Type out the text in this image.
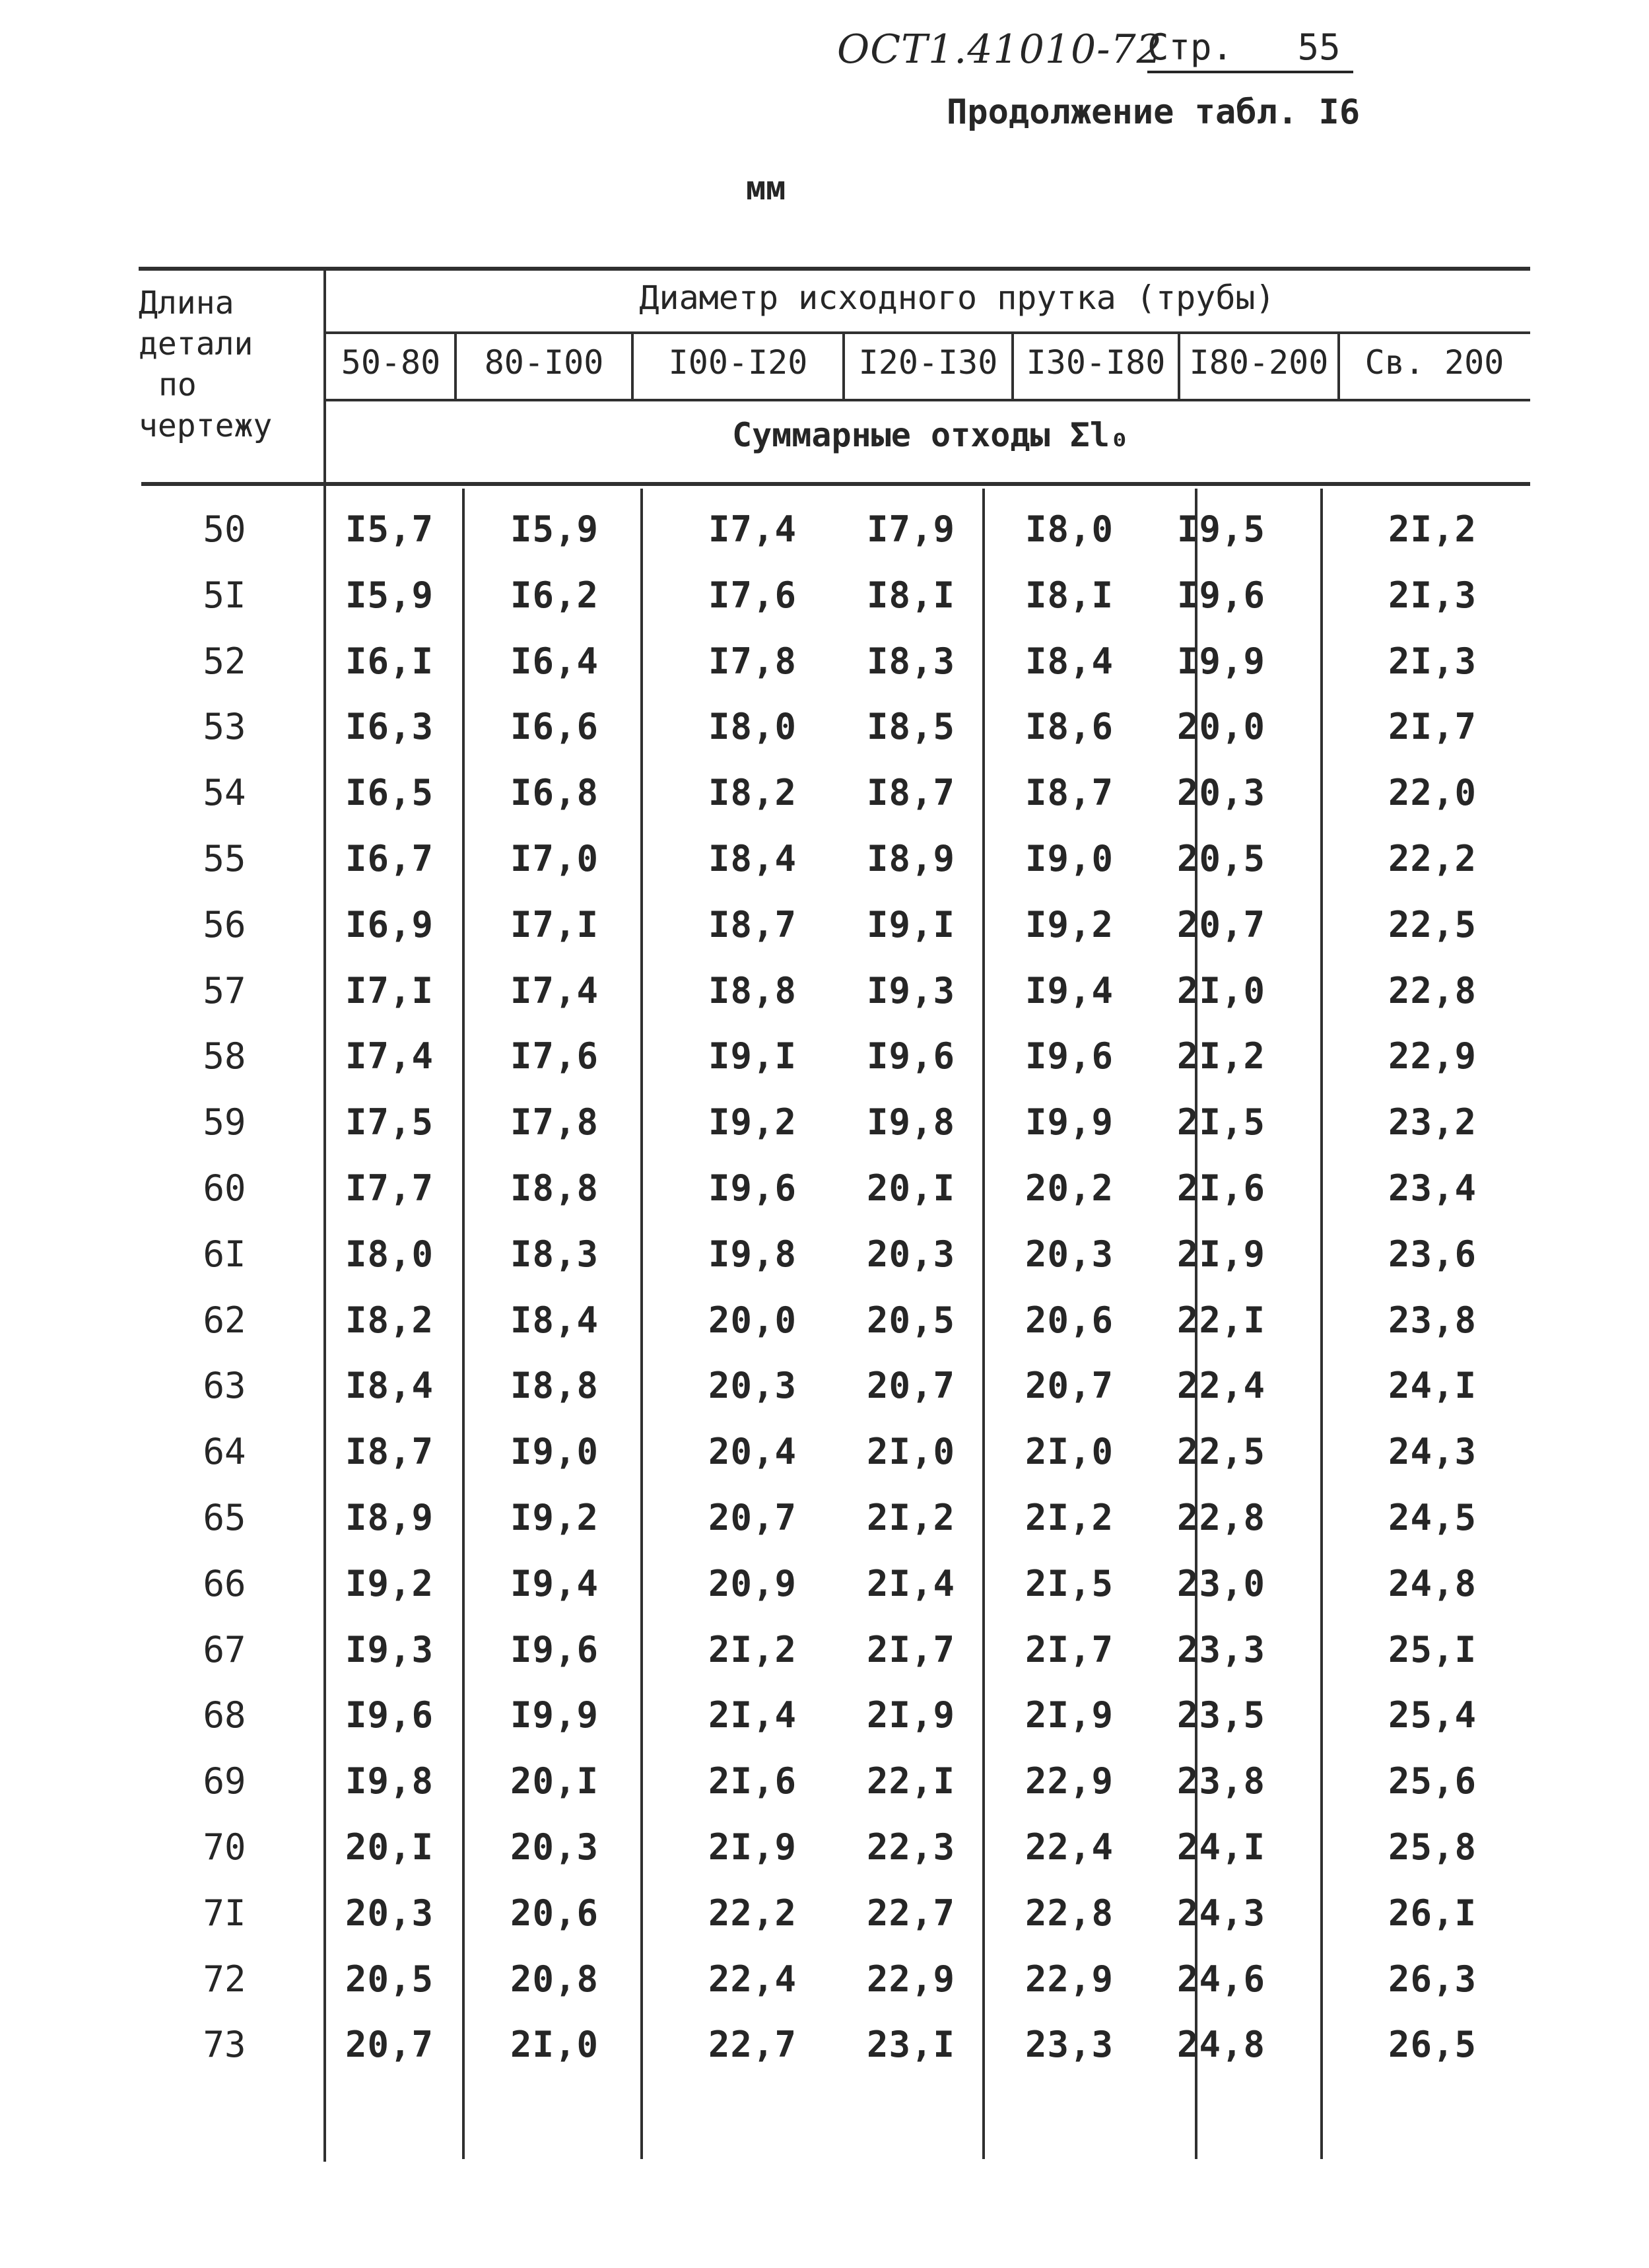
ОСТ1.41010-72
Стр. 55
Продолжение табл. I6
мм
Длина
детали
по
чертежу
Диаметр исходного прутка (трубы)
Суммарные отходы Σl₀
50-80	80-I00	I00-I20	I20-I30 I30-I80 I80-200	Св. 200
50	I5,7	I5,9	I7,4	I7,9	I8,0	I9,5	2I,2
5I	I5,9	I6,2	I7,6	I8,I	I8,I	I9,6	2I,3
52	I6,I	I6,4	I7,8	I8,3	I8,4	I9,9	2I,3
53	I6,3	I6,6	I8,0	I8,5	I8,6	20,0	2I,7
54	I6,5	I6,8	I8,2	I8,7	I8,7	20,3	22,0
55	I6,7	I7,0	I8,4	I8,9	I9,0	20,5	22,2
56	I6,9	I7,I	I8,7	I9,I	I9,2	20,7	22,5
57	I7,I	I7,4	I8,8	I9,3	I9,4	2I,0	22,8
58	I7,4	I7,6	I9,I	I9,6	I9,6	2I,2	22,9
59	I7,5	I7,8	I9,2	I9,8	I9,9	2I,5	23,2
60	I7,7	I8,8	I9,6	20,I	20,2	2I,6	23,4
6I	I8,0	I8,3	I9,8	20,3	20,3	2I,9	23,6
62	I8,2	I8,4	20,0	20,5	20,6	22,I	23,8
63	I8,4	I8,8	20,3	20,7	20,7	22,4	24,I
64	I8,7	I9,0	20,4	2I,0	2I,0	22,5	24,3
65	I8,9	I9,2	20,7	2I,2	2I,2	22,8	24,5
66	I9,2	I9,4	20,9	2I,4	2I,5	23,0	24,8
67	I9,3	I9,6	2I,2	2I,7	2I,7	23,3	25,I
68	I9,6	I9,9	2I,4	2I,9	2I,9	23,5	25,4
69	I9,8	20,I	2I,6	22,I	22,9	23,8	25,6
70	20,I	20,3	2I,9	22,3	22,4	24,I	25,8
7I	20,3	20,6	22,2	22,7	22,8	24,3	26,I
72	20,5	20,8	22,4	22,9	22,9	24,6	26,3
73	20,7	2I,0	22,7	23,I	23,3	24,8	26,5
